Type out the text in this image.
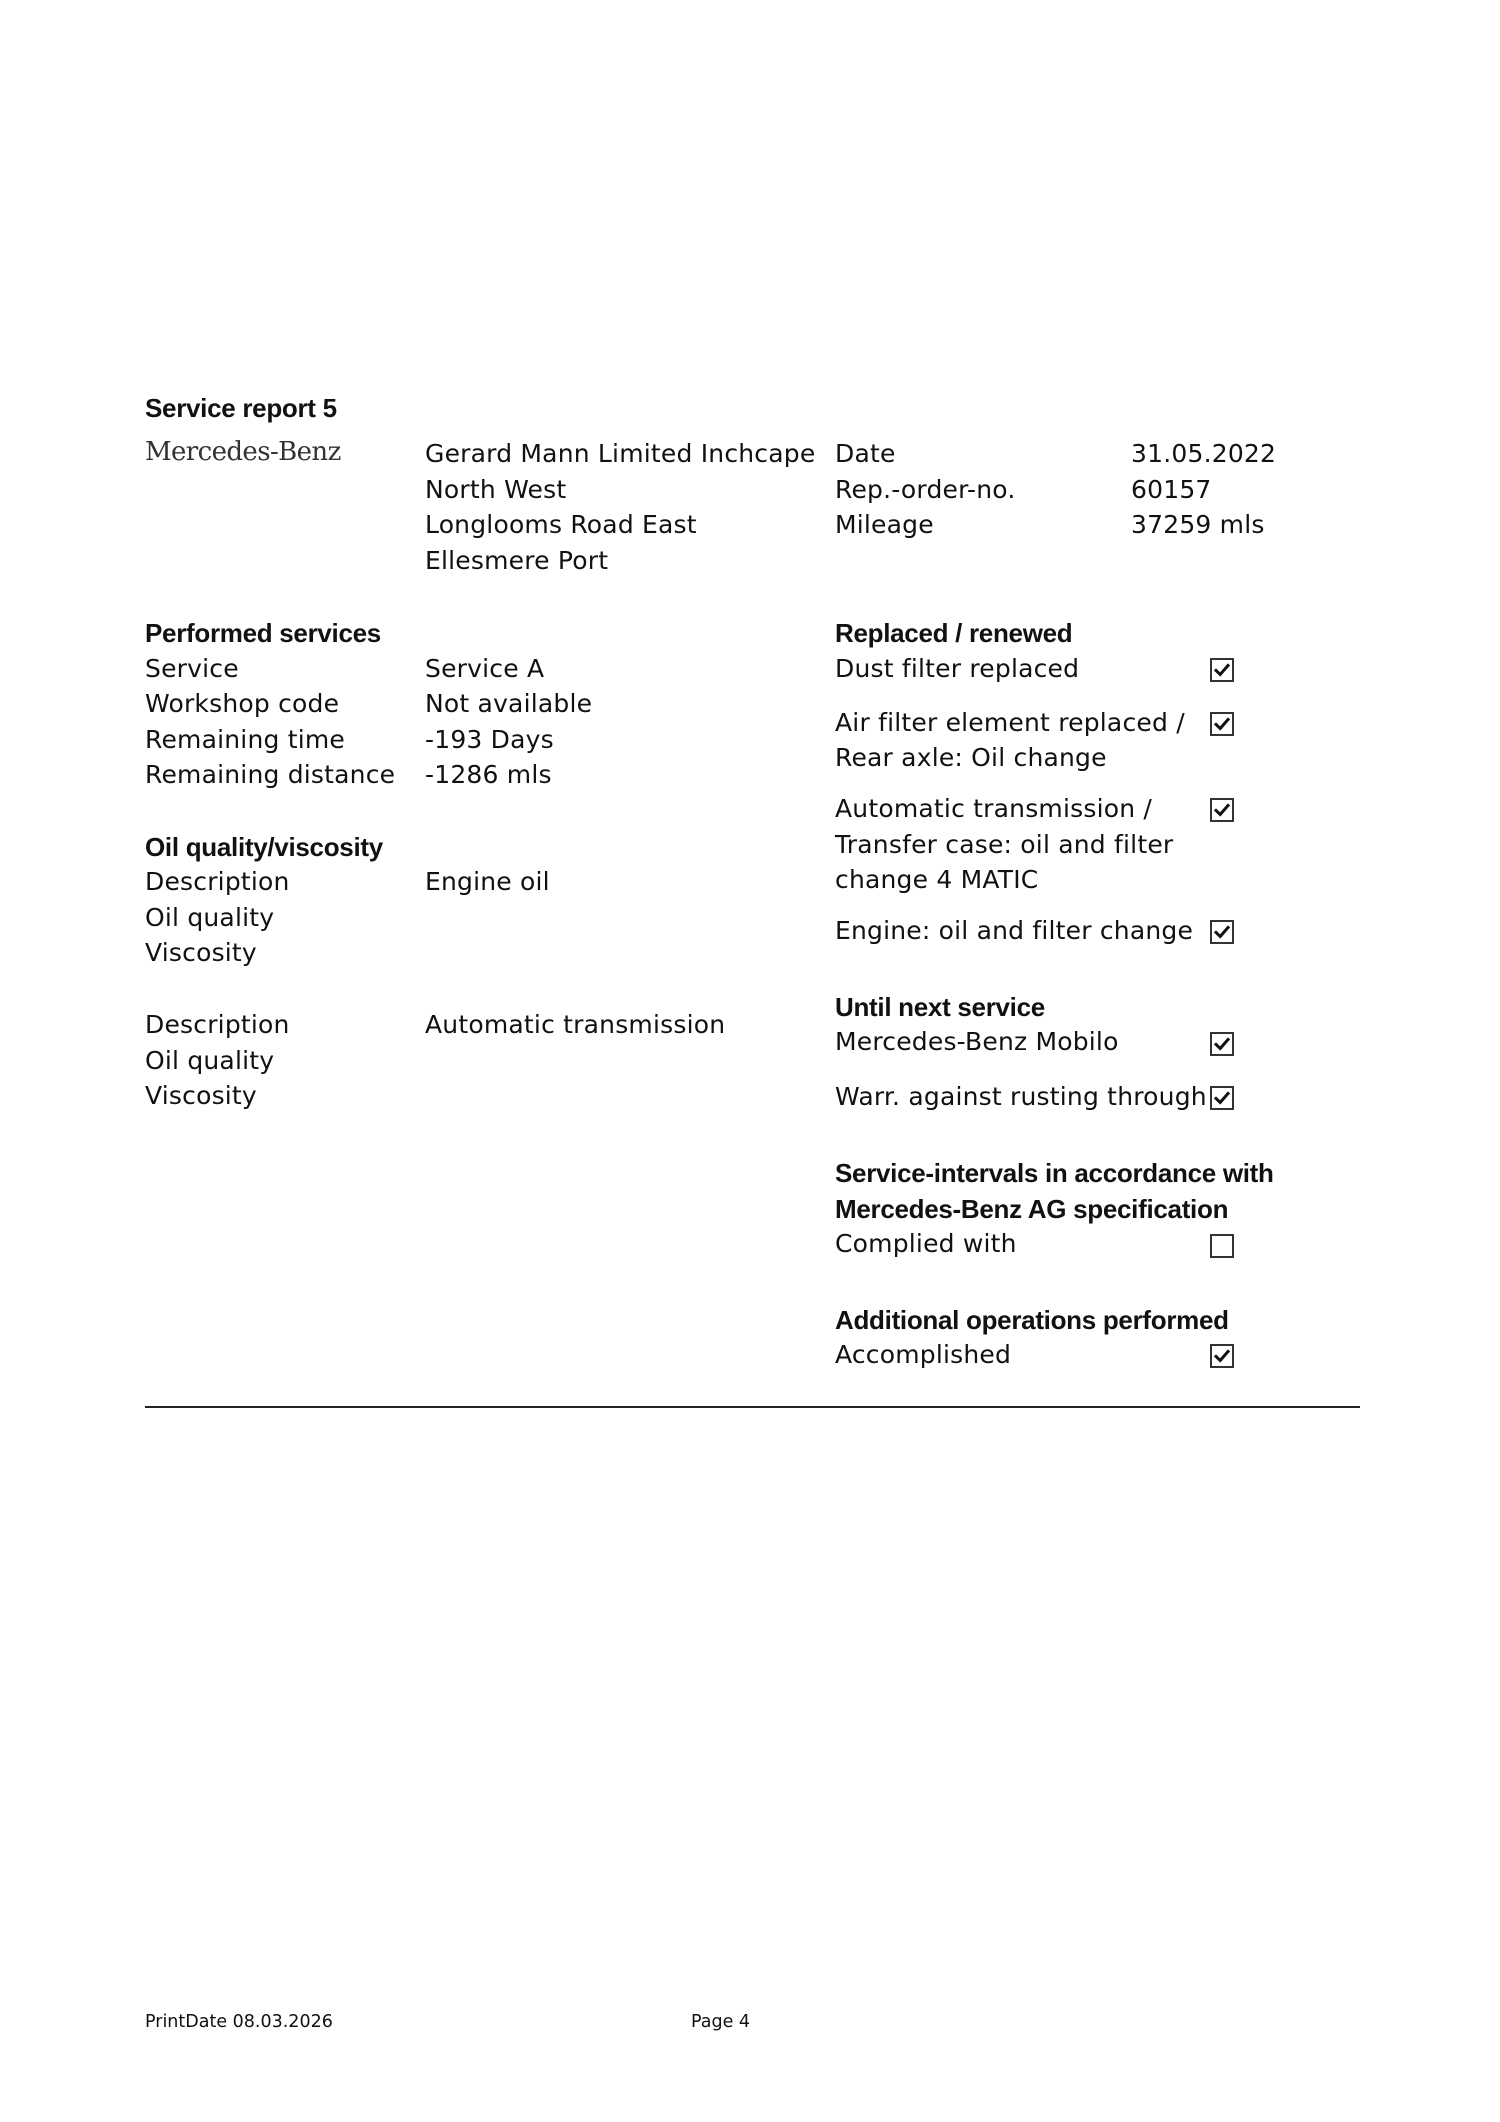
Service report 5
Mercedes-Benz	Gerard Mann Limited Inchcape
North West
Longlooms Road East
Ellesmere Port
Date	31.05.2022
Rep.-order-no.	60157
Mileage	37259 mls
Performed services
Service	Service A
Workshop code	Not available
Remaining time	-193 Days
Remaining distance -1286 mls
Oil quality/viscosity
Description	Engine oil
Oil quality
Viscosity
Description	Automatic transmission
Oil quality
Viscosity
Replaced / renewed
Dust filter replaced
Air filter element replaced /
Rear axle: Oil change
Automatic transmission /
Transfer case: oil and filter
change 4 MATIC
Engine: oil and filter change
Until next service
Mercedes-Benz Mobilo
Warr. against rusting through
Service-intervals in accordance with
Mercedes-Benz AG specification
Complied with
Additional operations performed
Accomplished
PrintDate 08.03.2026	Page 4
